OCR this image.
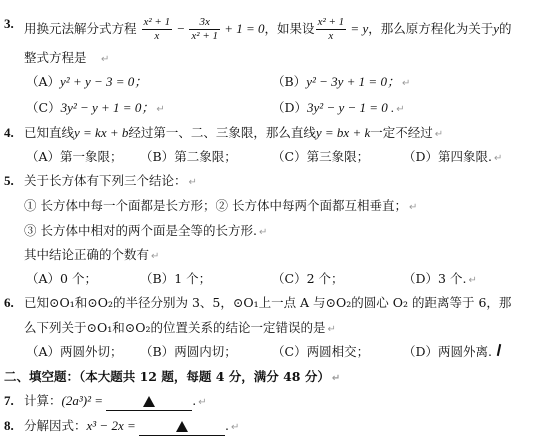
3. 用换元法解分式方程 $\frac{\text{x² + 1}}{x} - \frac{3x}{\text{x² + 1}} + 1 = 0$，如果设 $\frac{\text{x² + 1}}{x} = y$，那么原方程化为关于y的
整式方程是 ↵
（A）y² + y − 3 = 0；	（B）y² − 3y + 1 = 0； ↵
（C）3y² − y + 1 = 0； ↵	（D）3y² − y − 1 = 0 . ↵
4. 已知直线y = kx + b经过第一、二、三象限，那么直线y = bx + k一定不经过 ↵
（A）第一象限； （B）第二象限；	（C）第三象限；	（D）第四象限. ↵
5. 关于长方体有下列三个结论： ↵
① 长方体中每一个面都是长方形；② 长方体中每两个面都互相垂直； ↵
③ 长方体中相对的两个面是全等的长方形. ↵
其中结论正确的个数有 ↵
（A）0 个；	（B）1 个；	（C）2 个；	（D）3 个. ↵
6. 已知⊙O₁和⊙O₂的半径分别为 3、5，⊙O₁上一点 A 与⊙O₂的圆心 O₂ 的距离等于 6，那
么下列关于⊙O₁和⊙O₂的位置关系的结论一定错误的是 ↵
（A）两圆外切； （B）两圆内切；	（C）两圆相交；	（D）两圆外离.
二、填空题：（本大题共 12 题，每题 4 分，满分 48 分） ↵
7. 计算：(2a³)² =	. ↵
8. 分解因式：x³ − 2x =	. ↵
